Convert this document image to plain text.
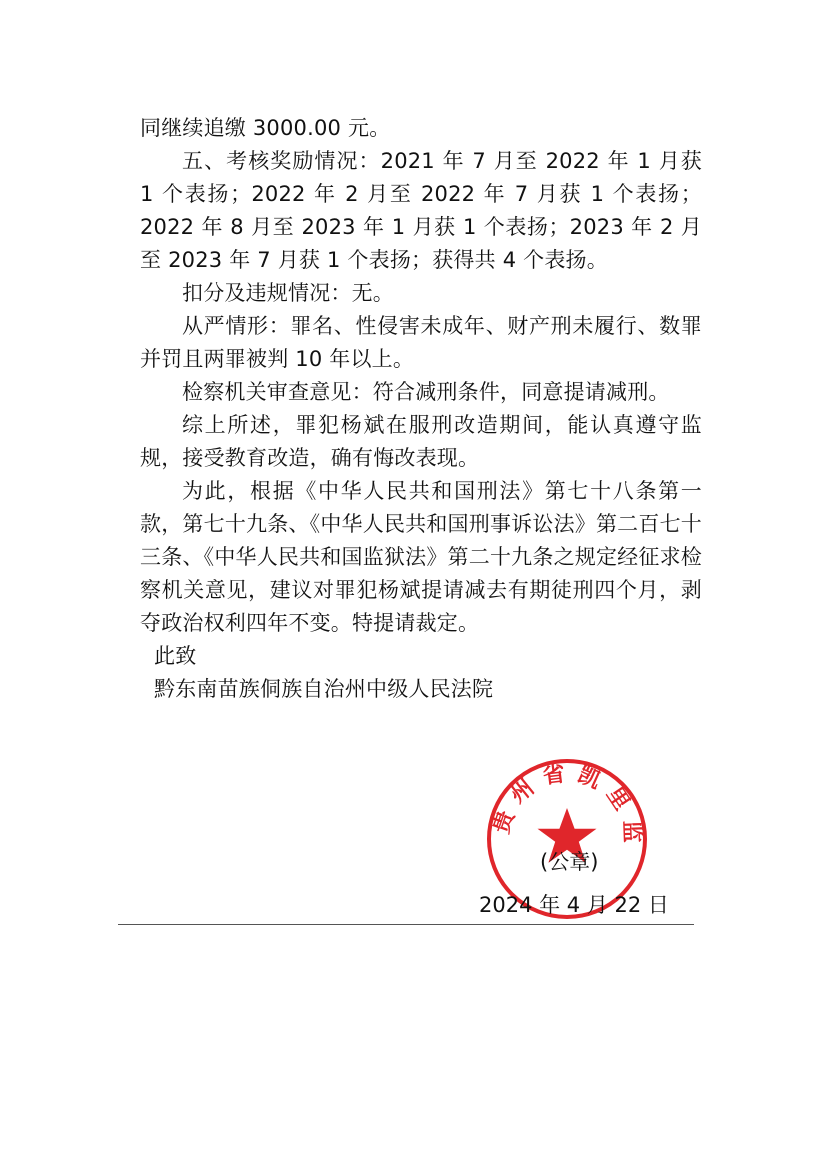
同继续追缴 3000.00 元。

五、考核奖励情况：2021 年 7 月至 2022 年 1 月获 1 个表扬；2022 年 2 月至 2022 年 7 月获 1 个表扬；2022 年 8 月至 2023 年 1 月获 1 个表扬；2023 年 2 月至 2023 年 7 月获 1 个表扬；获得共 4 个表扬。

扣分及违规情况：无。

从严情形：罪名、性侵害未成年、财产刑未履行、数罪并罚且两罪被判 10 年以上。

检察机关审查意见：符合减刑条件，同意提请减刑。

综上所述，罪犯杨斌在服刑改造期间，能认真遵守监规，接受教育改造，确有悔改表现。

为此，根据《中华人民共和国刑法》第七十八条第一款，第七十九条、《中华人民共和国刑事诉讼法》第二百七十三条、《中华人民共和国监狱法》第二十九条之规定经征求检察机关意见，建议对罪犯杨斌提请减去有期徒刑四个月，剥夺政治权利四年不变。特提请裁定。

此致

黔东南苗族侗族自治州中级人民法院

贵州省凯里监
(公章)
2024 年 4 月 22 日
